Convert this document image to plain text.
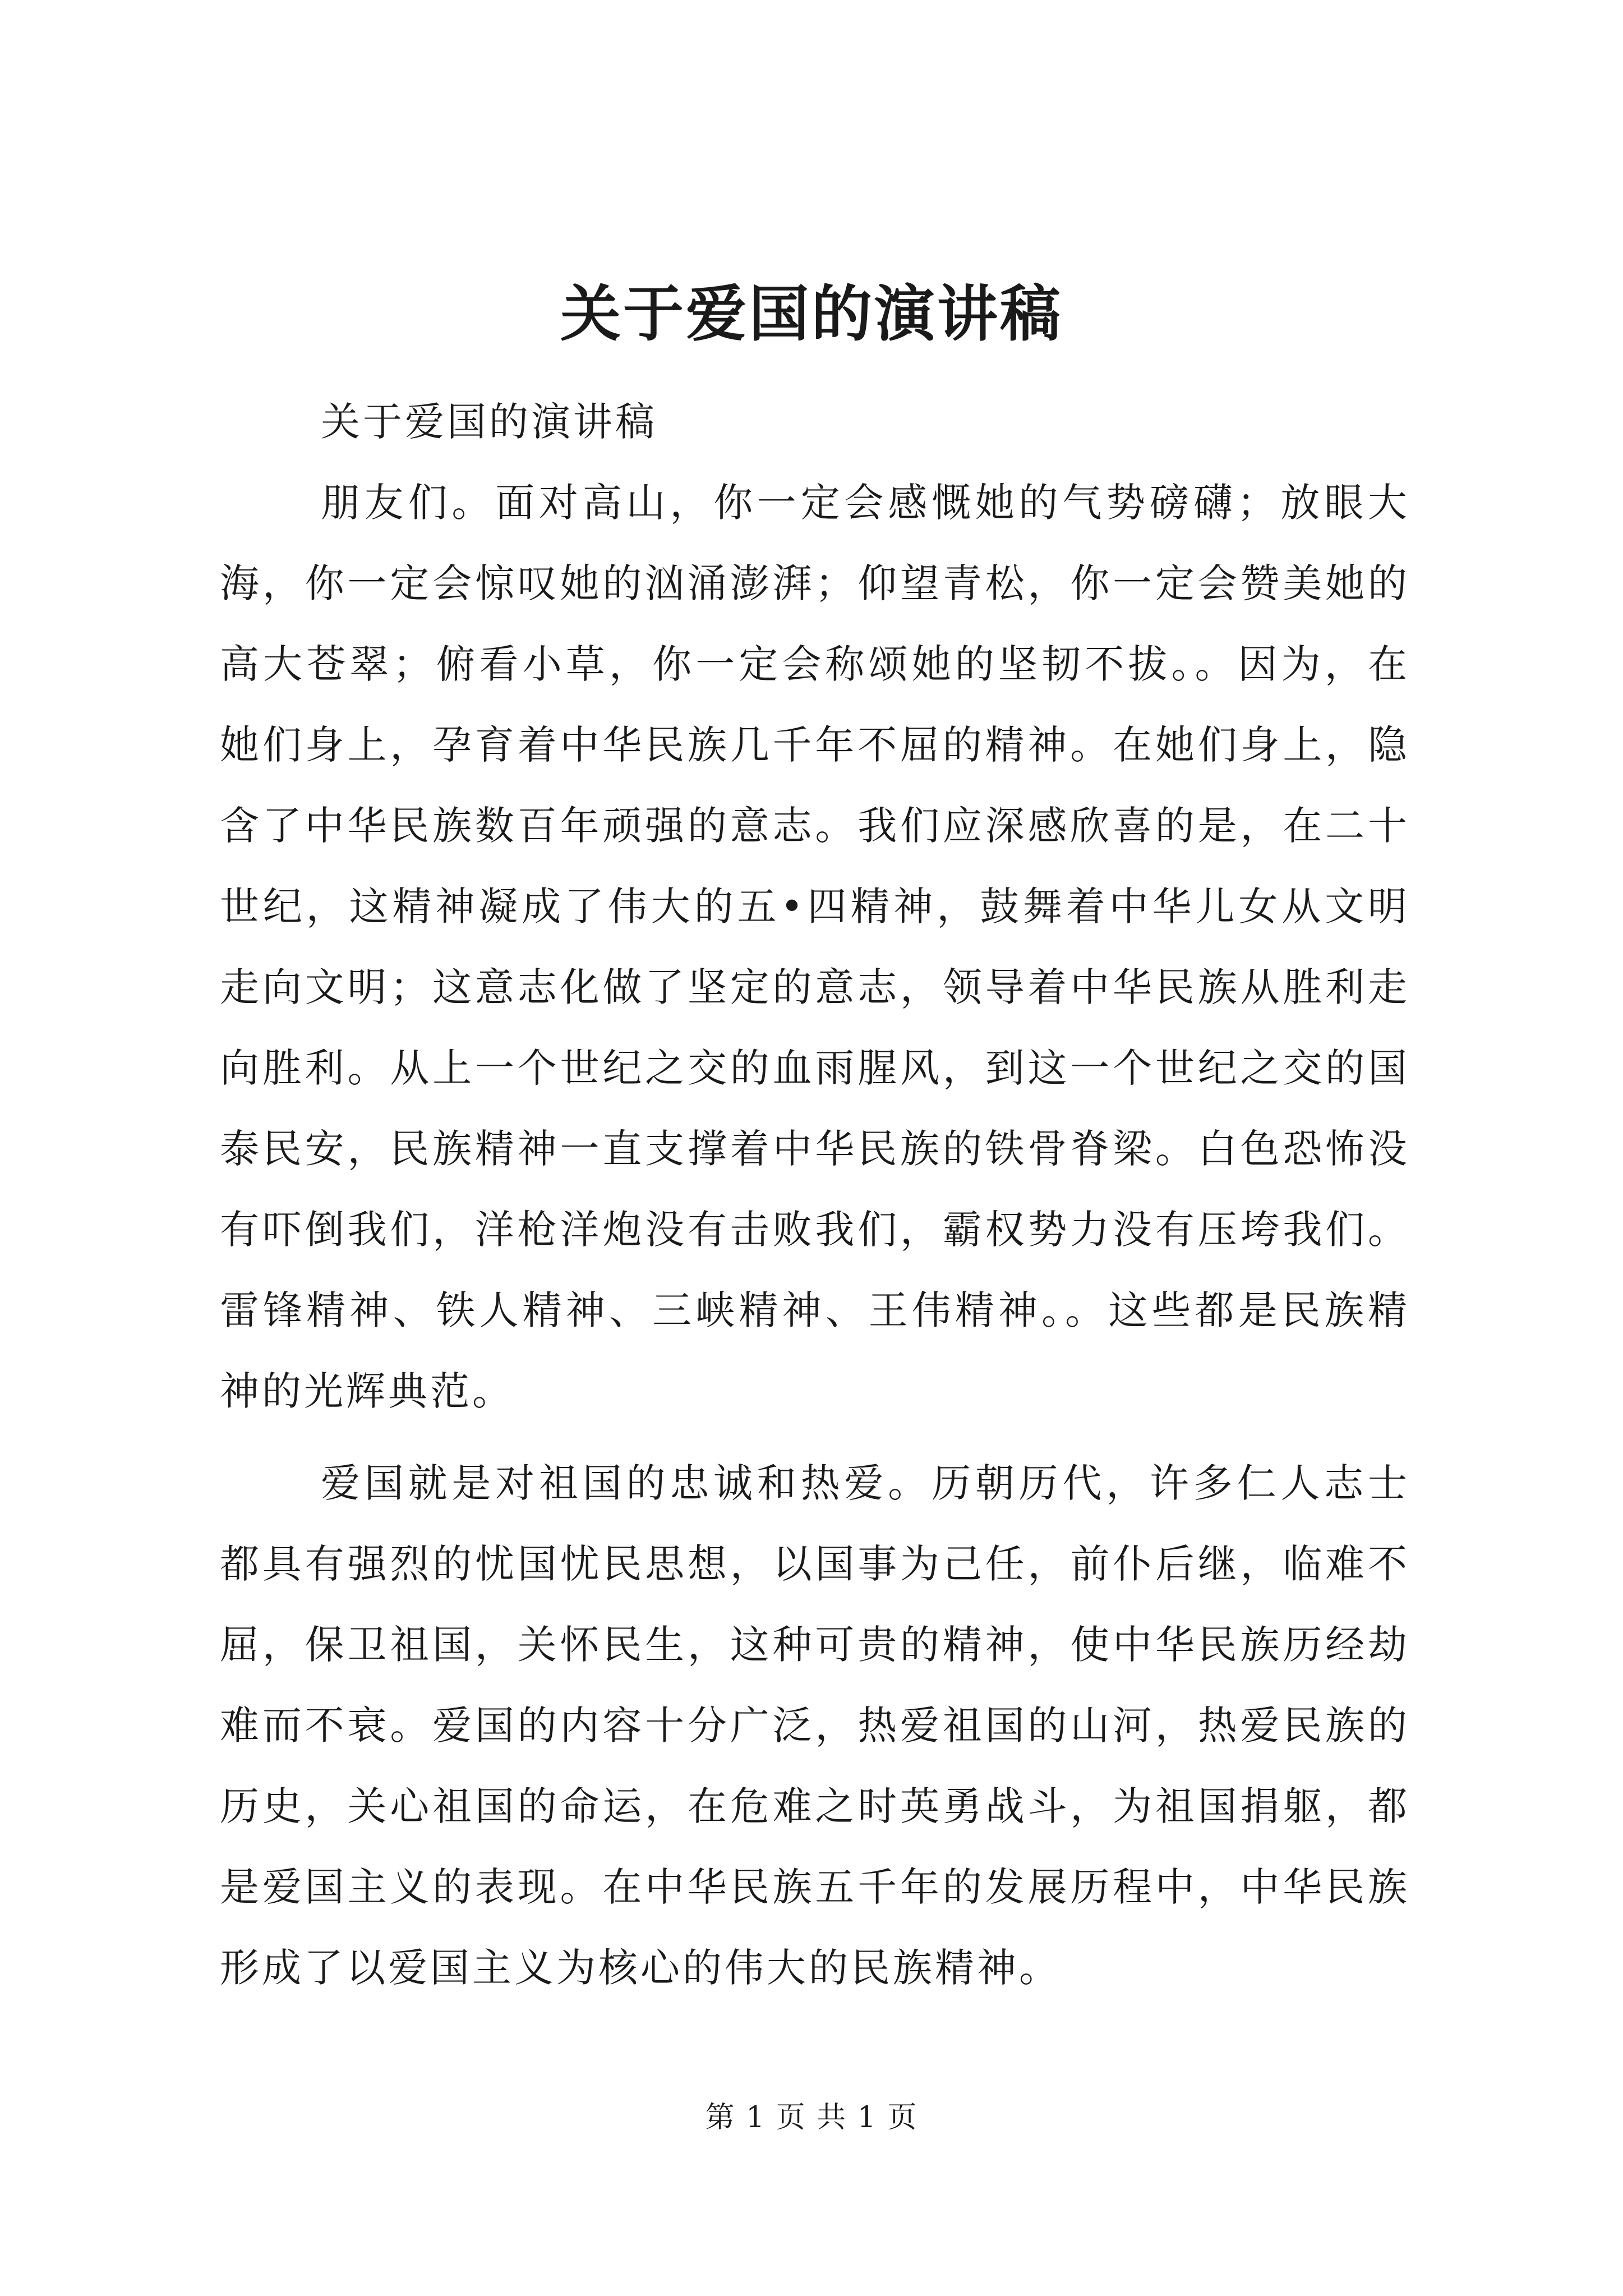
关于爱国的演讲稿

关于爱国的演讲稿

朋友们。面对高山，你一定会感慨她的气势磅礴；放眼大海，你一定会惊叹她的汹涌澎湃；仰望青松，你一定会赞美她的高大苍翠；俯看小草，你一定会称颂她的坚韧不拔。。因为，在她们身上，孕育着中华民族几千年不屈的精神。在她们身上，隐含了中华民族数百年顽强的意志。我们应深感欣喜的是，在二十世纪，这精神凝成了伟大的五•四精神，鼓舞着中华儿女从文明走向文明；这意志化做了坚定的意志，领导着中华民族从胜利走向胜利。从上一个世纪之交的血雨腥风，到这一个世纪之交的国泰民安，民族精神一直支撑着中华民族的铁骨脊梁。白色恐怖没有吓倒我们，洋枪洋炮没有击败我们，霸权势力没有压垮我们。雷锋精神、铁人精神、三峡精神、王伟精神。。这些都是民族精神的光辉典范。

爱国就是对祖国的忠诚和热爱。历朝历代，许多仁人志士都具有强烈的忧国忧民思想，以国事为己任，前仆后继，临难不屈，保卫祖国，关怀民生，这种可贵的精神，使中华民族历经劫难而不衰。爱国的内容十分广泛，热爱祖国的山河，热爱民族的历史，关心祖国的命运，在危难之时英勇战斗，为祖国捐躯，都是爱国主义的表现。在中华民族五千年的发展历程中，中华民族形成了以爱国主义为核心的伟大的民族精神。

第 1 页 共 1 页
